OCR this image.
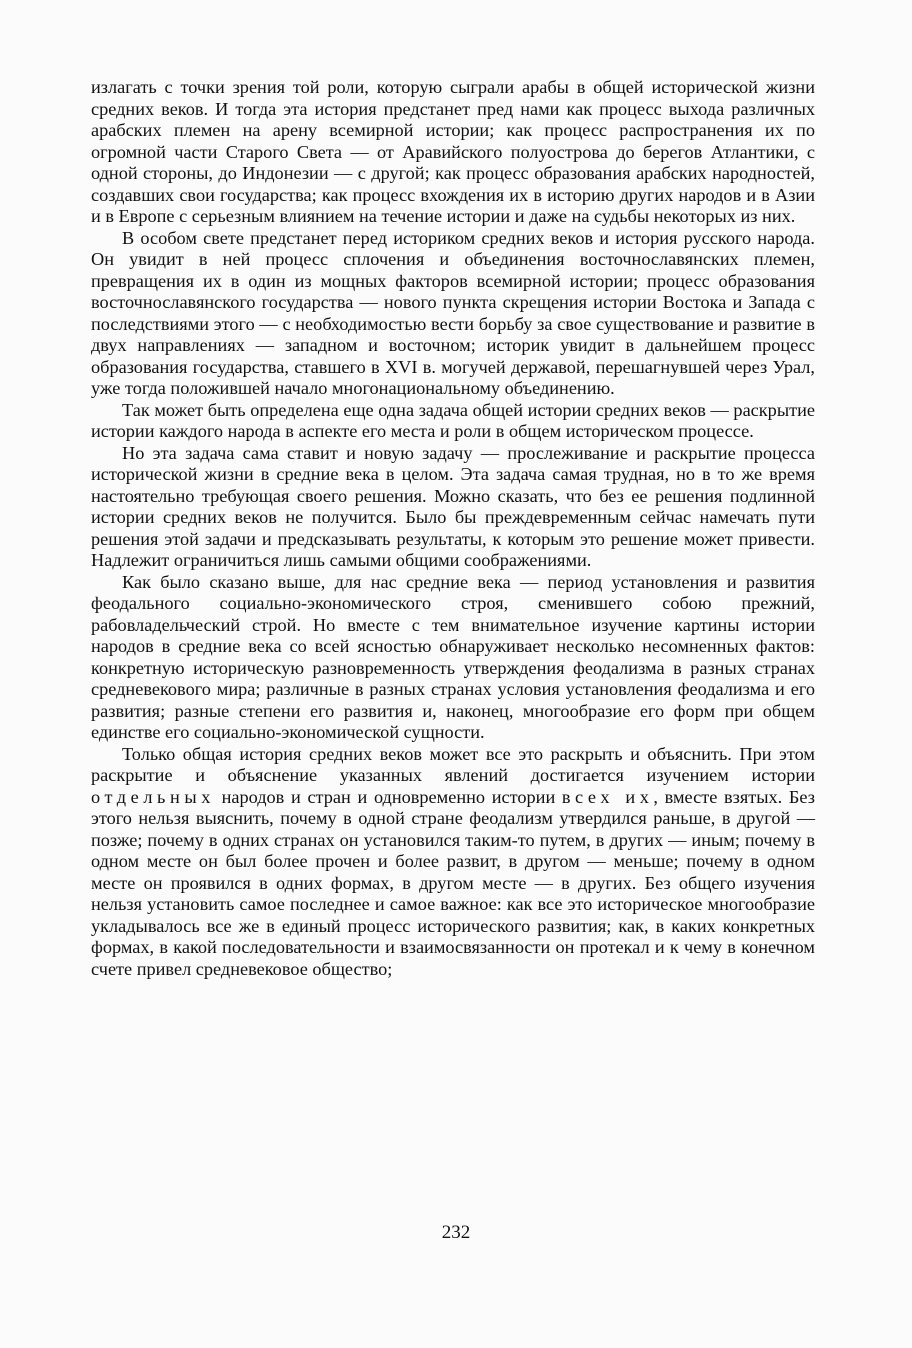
излагать с точки зрения той роли, которую сыграли арабы в общей исторической жизни средних веков. И тогда эта история предстанет пред нами как процесс выхода различных арабских племен на арену всемирной истории; как процесс распространения их по огромной части Старого Света — от Аравийского полуострова до берегов Атлантики, с одной стороны, до Индонезии — с другой; как процесс образования арабских народностей, создавших свои государства; как процесс вхождения их в историю других народов и в Азии и в Европе с серьезным влиянием на течение истории и даже на судьбы некоторых из них.

В особом свете предстанет перед историком средних веков и история русского народа. Он увидит в ней процесс сплочения и объединения восточнославянских племен, превращения их в один из мощных факторов всемирной истории; процесс образования восточнославянского государства — нового пункта скрещения истории Востока и Запада с последствиями этого — с необходимостью вести борьбу за свое существование и развитие в двух направлениях — западном и восточном; историк увидит в дальнейшем процесс образования государства, ставшего в XVI в. могучей державой, перешагнувшей через Урал, уже тогда положившей начало многонациональному объединению.

Так может быть определена еще одна задача общей истории средних веков — раскрытие истории каждого народа в аспекте его места и роли в общем историческом процессе.

Но эта задача сама ставит и новую задачу — прослеживание и раскрытие процесса исторической жизни в средние века в целом. Эта задача самая трудная, но в то же время настоятельно требующая своего решения. Можно сказать, что без ее решения подлинной истории средних веков не получится. Было бы преждевременным сейчас намечать пути решения этой задачи и предсказывать результаты, к которым это решение может привести. Надлежит ограничиться лишь самыми общими соображениями.

Как было сказано выше, для нас средние века — период установления и развития феодального социально-экономического строя, сменившего собою прежний, рабовладельческий строй. Но вместе с тем внимательное изучение картины истории народов в средние века со всей ясностью обнаруживает несколько несомненных фактов: конкретную историческую разновременность утверждения феодализма в разных странах средневекового мира; различные в разных странах условия установления феодализма и его развития; разные степени его развития и, наконец, многообразие его форм при общем единстве его социально-экономической сущности.

Только общая история средних веков может все это раскрыть и объяснить. При этом раскрытие и объяснение указанных явлений достигается изучением истории отдельных народов и стран и одновременно истории всех их, вместе взятых. Без этого нельзя выяснить, почему в одной стране феодализм утвердился раньше, в другой — позже; почему в одних странах он установился таким-то путем, в других — иным; почему в одном месте он был более прочен и более развит, в другом — меньше; почему в одном месте он проявился в одних формах, в другом месте — в других. Без общего изучения нельзя установить самое последнее и самое важное: как все это историческое многообразие укладывалось все же в единый процесс исторического развития; как, в каких конкретных формах, в какой последовательности и взаимосвязанности он протекал и к чему в конечном счете привел средневековое общество;

232
